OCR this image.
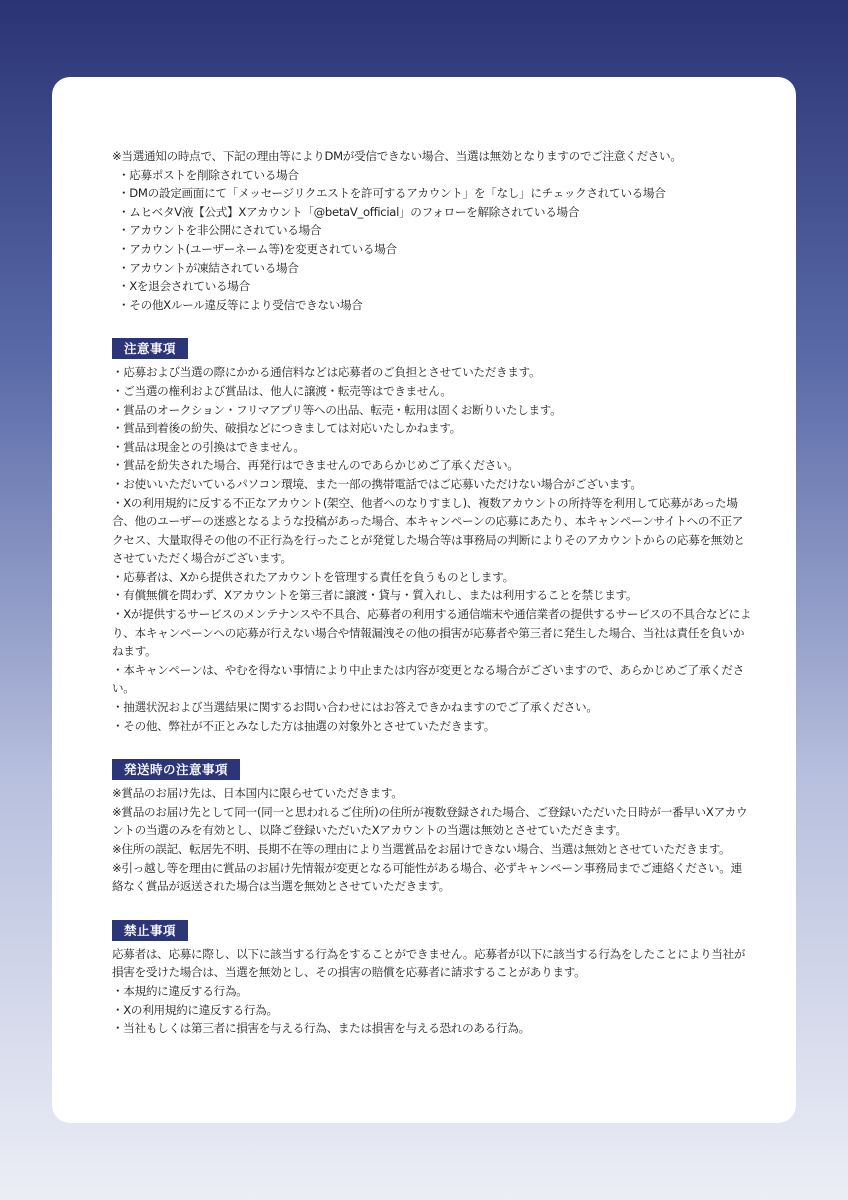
※当選通知の時点で、下記の理由等によりDMが受信できない場合、当選は無効となりますのでご注意ください。
・応募ポストを削除されている場合
・DMの設定画面にて「メッセージリクエストを許可するアカウント」を「なし」にチェックされている場合
・ムヒベタV液【公式】Xアカウント「@betaV_official」のフォローを解除されている場合
・アカウントを非公開にされている場合
・アカウント(ユーザーネーム等)を変更されている場合
・アカウントが凍結されている場合
・Xを退会されている場合
・その他Xルール違反等により受信できない場合
注意事項
・応募および当選の際にかかる通信料などは応募者のご負担とさせていただきます。
・ご当選の権利および賞品は、他人に譲渡・転売等はできません。
・賞品のオークション・フリマアプリ等への出品、転売・転用は固くお断りいたします。
・賞品到着後の紛失、破損などにつきましては対応いたしかねます。
・賞品は現金との引換はできません。
・賞品を紛失された場合、再発行はできませんのであらかじめご了承ください。
・お使いいただいているパソコン環境、また一部の携帯電話ではご応募いただけない場合がございます。
・Xの利用規約に反する不正なアカウント(架空、他者へのなりすまし)、複数アカウントの所持等を利用して応募があった場合、他のユーザーの迷惑となるような投稿があった場合、本キャンペーンの応募にあたり、本キャンペーンサイトへの不正アクセス、大量取得その他の不正行為を行ったことが発覚した場合等は事務局の判断によりそのアカウントからの応募を無効とさせていただく場合がございます。
・応募者は、Xから提供されたアカウントを管理する責任を負うものとします。
・有償無償を問わず、Xアカウントを第三者に譲渡・貸与・質入れし、または利用することを禁じます。
・Xが提供するサービスのメンテナンスや不具合、応募者の利用する通信端末や通信業者の提供するサービスの不具合などにより、本キャンペーンへの応募が行えない場合や情報漏洩その他の損害が応募者や第三者に発生した場合、当社は責任を負いかねます。
・本キャンペーンは、やむを得ない事情により中止または内容が変更となる場合がございますので、あらかじめご了承ください。
・抽選状況および当選結果に関するお問い合わせにはお答えできかねますのでご了承ください。
・その他、弊社が不正とみなした方は抽選の対象外とさせていただきます。
発送時の注意事項
※賞品のお届け先は、日本国内に限らせていただきます。
※賞品のお届け先として同一(同一と思われるご住所)の住所が複数登録された場合、ご登録いただいた日時が一番早いXアカウントの当選のみを有効とし、以降ご登録いただいたXアカウントの当選は無効とさせていただきます。
※住所の誤記、転居先不明、長期不在等の理由により当選賞品をお届けできない場合、当選は無効とさせていただきます。
※引っ越し等を理由に賞品のお届け先情報が変更となる可能性がある場合、必ずキャンペーン事務局までご連絡ください。連絡なく賞品が返送された場合は当選を無効とさせていただきます。
禁止事項
応募者は、応募に際し、以下に該当する行為をすることができません。応募者が以下に該当する行為をしたことにより当社が損害を受けた場合は、当選を無効とし、その損害の賠償を応募者に請求することがあります。
・本規約に違反する行為。
・Xの利用規約に違反する行為。
・当社もしくは第三者に損害を与える行為、または損害を与える恐れのある行為。
